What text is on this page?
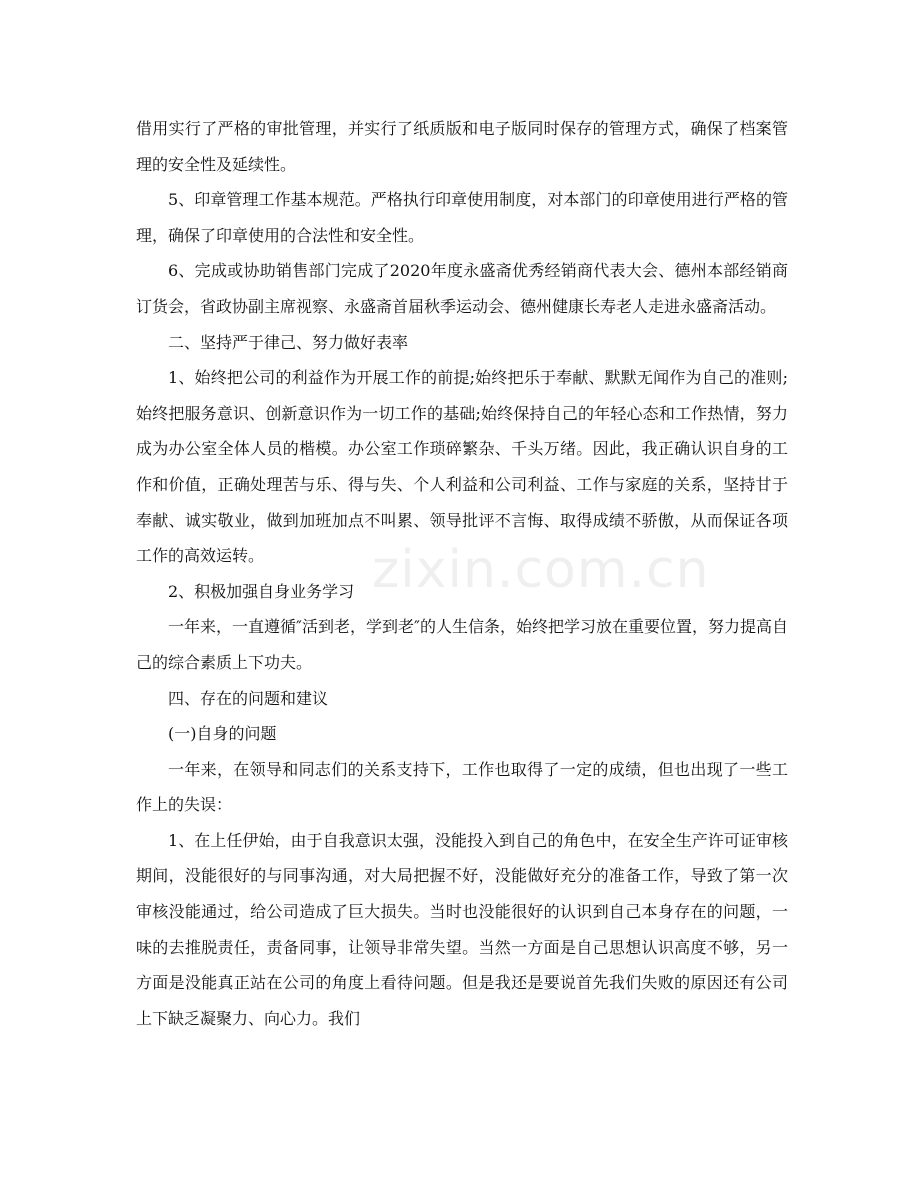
借用实行了严格的审批管理，并实行了纸质版和电子版同时保存的管理方式，确保了档案管理的安全性及延续性。

5、印章管理工作基本规范。严格执行印章使用制度，对本部门的印章使用进行严格的管理，确保了印章使用的合法性和安全性。

6、完成或协助销售部门完成了2020年度永盛斋优秀经销商代表大会、德州本部经销商订货会，省政协副主席视察、永盛斋首届秋季运动会、德州健康长寿老人走进永盛斋活动。

二、坚持严于律己、努力做好表率

1、始终把公司的利益作为开展工作的前提;始终把乐于奉献、默默无闻作为自己的准则;始终把服务意识、创新意识作为一切工作的基础;始终保持自己的年轻心态和工作热情，努力成为办公室全体人员的楷模。办公室工作琐碎繁杂、千头万绪。因此，我正确认识自身的工作和价值，正确处理苦与乐、得与失、个人利益和公司利益、工作与家庭的关系，坚持甘于奉献、诚实敬业，做到加班加点不叫累、领导批评不言悔、取得成绩不骄傲，从而保证各项工作的高效运转。

2、积极加强自身业务学习

一年来，一直遵循″活到老，学到老″的人生信条，始终把学习放在重要位置，努力提高自己的综合素质上下功夫。

四、存在的问题和建议

(一)自身的问题

一年来，在领导和同志们的关系支持下，工作也取得了一定的成绩，但也出现了一些工作上的失误：

1、在上任伊始，由于自我意识太强，没能投入到自己的角色中，在安全生产许可证审核期间，没能很好的与同事沟通，对大局把握不好，没能做好充分的准备工作，导致了第一次审核没能通过，给公司造成了巨大损失。当时也没能很好的认识到自己本身存在的问题，一味的去推脱责任，责备同事，让领导非常失望。当然一方面是自己思想认识高度不够，另一方面是没能真正站在公司的角度上看待问题。但是我还是要说首先我们失败的原因还有公司上下缺乏凝聚力、向心力。我们

zixin.com.cn
